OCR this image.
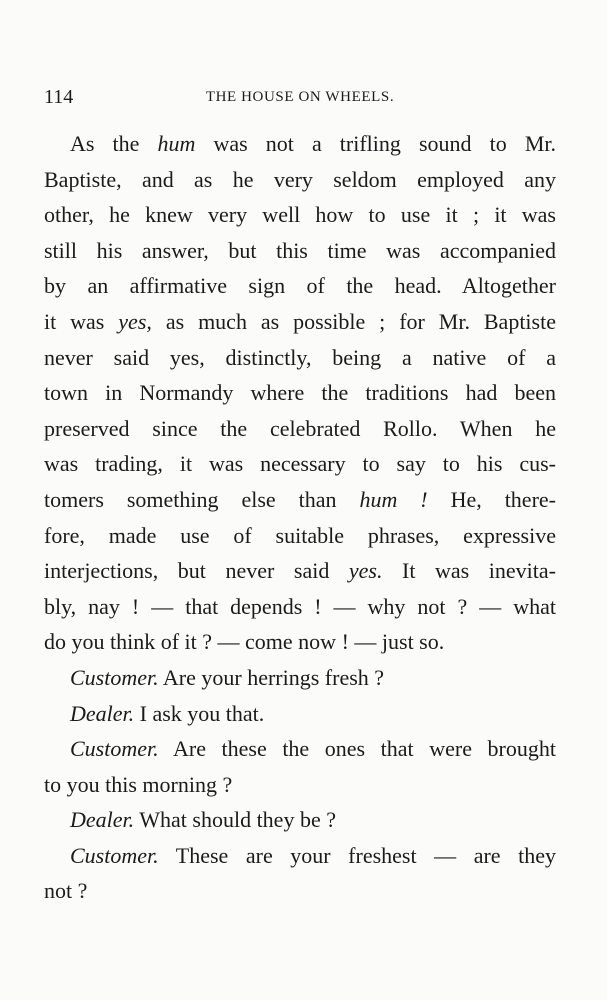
114	THE HOUSE ON WHEELS.
As the hum was not a trifling sound to Mr.
Baptiste, and as he very seldom employed any
other, he knew very well how to use it ; it was
still his answer, but this time was accompanied
by an affirmative sign of the head. Altogether
it was yes, as much as possible ; for Mr. Baptiste
never said yes, distinctly, being a native of a
town in Normandy where the traditions had been
preserved since the celebrated Rollo. When he
was trading, it was necessary to say to his cus-
tomers something else than hum ! He, there-
fore, made use of suitable phrases, expressive
interjections, but never said yes. It was inevita-
bly, nay ! — that depends ! — why not ? — what
do you think of it ? — come now ! — just so.
Customer. Are your herrings fresh ?
Dealer. I ask you that.
Customer. Are these the ones that were brought
to you this morning ?
Dealer. What should they be ?
Customer. These are your freshest — are they
not ?
